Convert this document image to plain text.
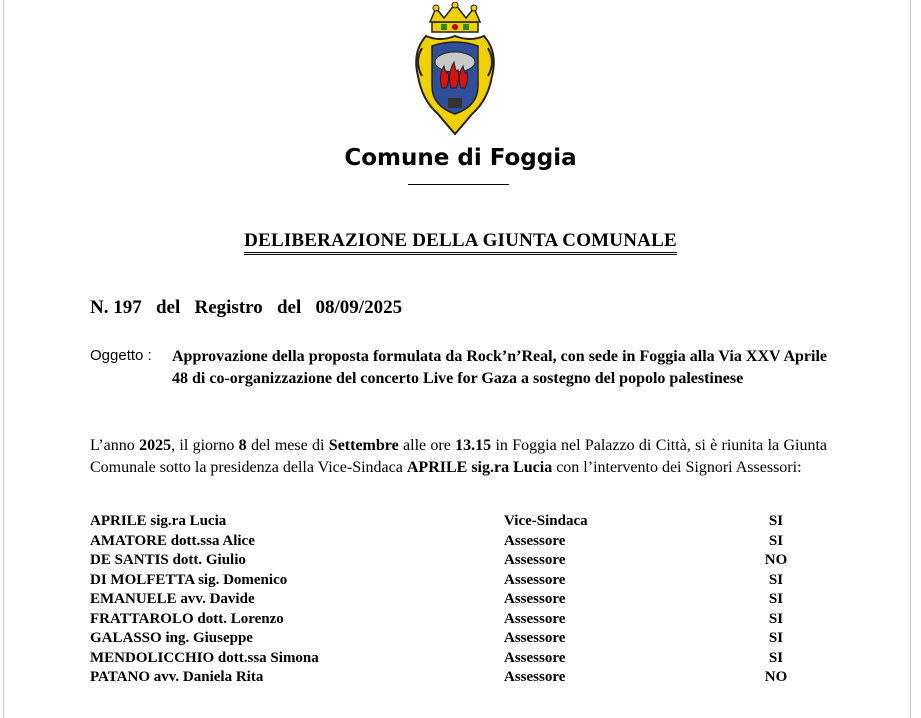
Comune di Foggia
DELIBERAZIONE DELLA GIUNTA COMUNALE
N. 197   del   Registro   del   08/09/2025
Oggetto : Approvazione della proposta formulata da Rock’n’Real, con sede in Foggia alla Via XXV Aprile 48 di co-organizzazione del concerto Live for Gaza a sostegno del popolo palestinese
L’anno 2025, il giorno 8 del mese di Settembre alle ore 13.15 in Foggia nel Palazzo di Città, si è riunita la Giunta Comunale sotto la presidenza della Vice-Sindaca APRILE sig.ra Lucia con l’intervento dei Signori Assessori:
APRILE sig.ra Lucia	Vice-Sindaca	SI
AMATORE dott.ssa Alice	Assessore	SI
DE SANTIS dott. Giulio	Assessore	NO
DI MOLFETTA sig. Domenico	Assessore	SI
EMANUELE avv. Davide	Assessore	SI
FRATTAROLO dott. Lorenzo	Assessore	SI
GALASSO ing. Giuseppe	Assessore	SI
MENDOLICCHIO dott.ssa Simona	Assessore	SI
PATANO avv. Daniela Rita	Assessore	NO
